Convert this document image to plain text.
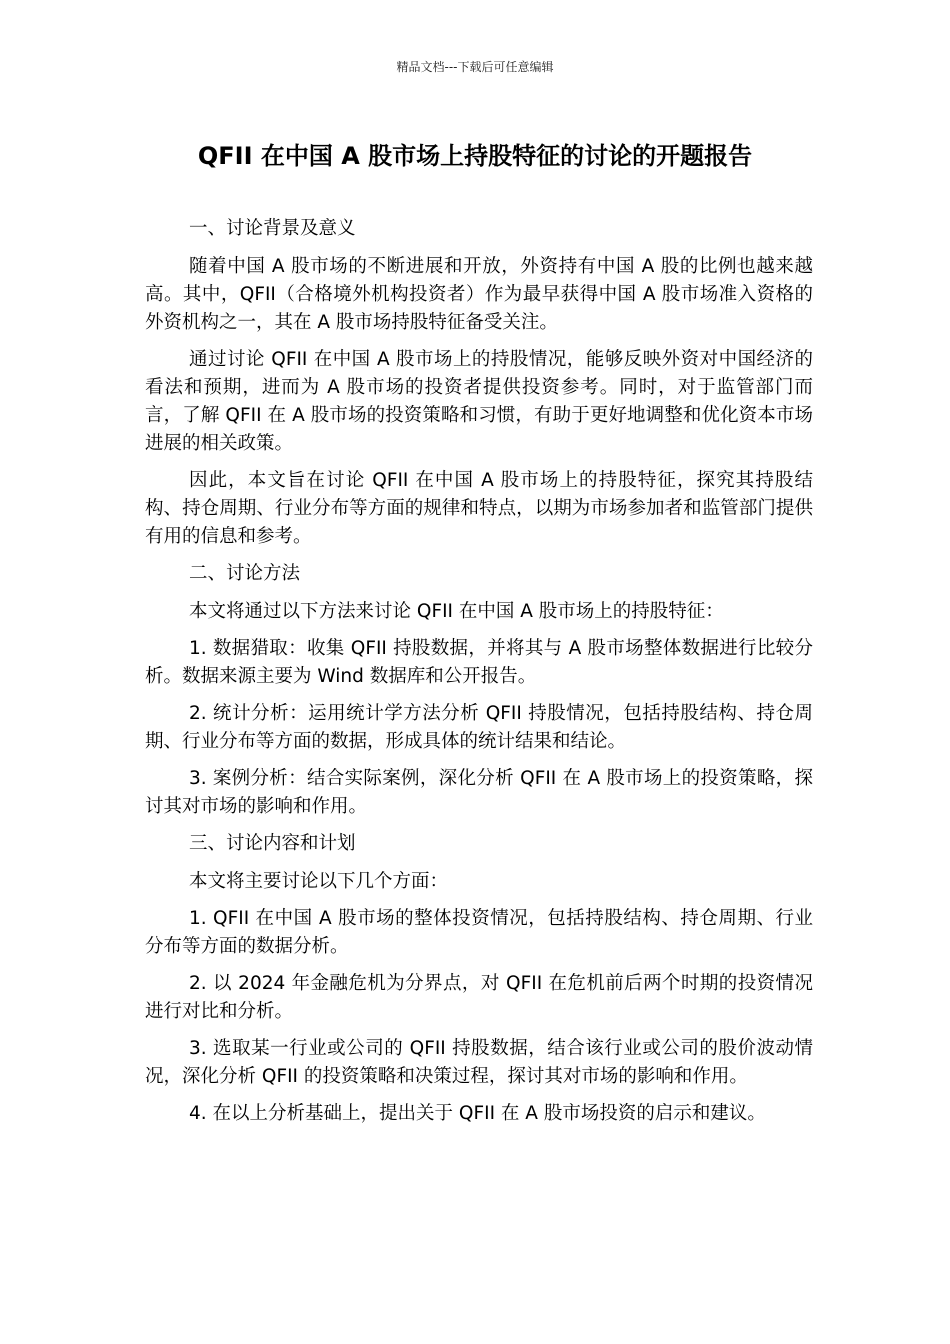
精品文档---下载后可任意编辑
QFII 在中国 A 股市场上持股特征的讨论的开题报告

一、讨论背景及意义

随着中国 A 股市场的不断进展和开放，外资持有中国 A 股的比例也越来越高。其中，QFII（合格境外机构投资者）作为最早获得中国 A 股市场准入资格的外资机构之一，其在 A 股市场持股特征备受关注。

通过讨论 QFII 在中国 A 股市场上的持股情况，能够反映外资对中国经济的看法和预期，进而为 A 股市场的投资者提供投资参考。同时，对于监管部门而言，了解 QFII 在 A 股市场的投资策略和习惯，有助于更好地调整和优化资本市场进展的相关政策。

因此，本文旨在讨论 QFII 在中国 A 股市场上的持股特征，探究其持股结构、持仓周期、行业分布等方面的规律和特点，以期为市场参加者和监管部门提供有用的信息和参考。

二、讨论方法

本文将通过以下方法来讨论 QFII 在中国 A 股市场上的持股特征：

1. 数据猎取：收集 QFII 持股数据，并将其与 A 股市场整体数据进行比较分析。数据来源主要为 Wind 数据库和公开报告。

2. 统计分析：运用统计学方法分析 QFII 持股情况，包括持股结构、持仓周期、行业分布等方面的数据，形成具体的统计结果和结论。

3. 案例分析：结合实际案例，深化分析 QFII 在 A 股市场上的投资策略，探讨其对市场的影响和作用。

三、讨论内容和计划

本文将主要讨论以下几个方面：

1. QFII 在中国 A 股市场的整体投资情况，包括持股结构、持仓周期、行业分布等方面的数据分析。

2. 以 2024 年金融危机为分界点，对 QFII 在危机前后两个时期的投资情况进行对比和分析。

3. 选取某一行业或公司的 QFII 持股数据，结合该行业或公司的股价波动情况，深化分析 QFII 的投资策略和决策过程，探讨其对市场的影响和作用。

4. 在以上分析基础上，提出关于 QFII 在 A 股市场投资的启示和建议。
